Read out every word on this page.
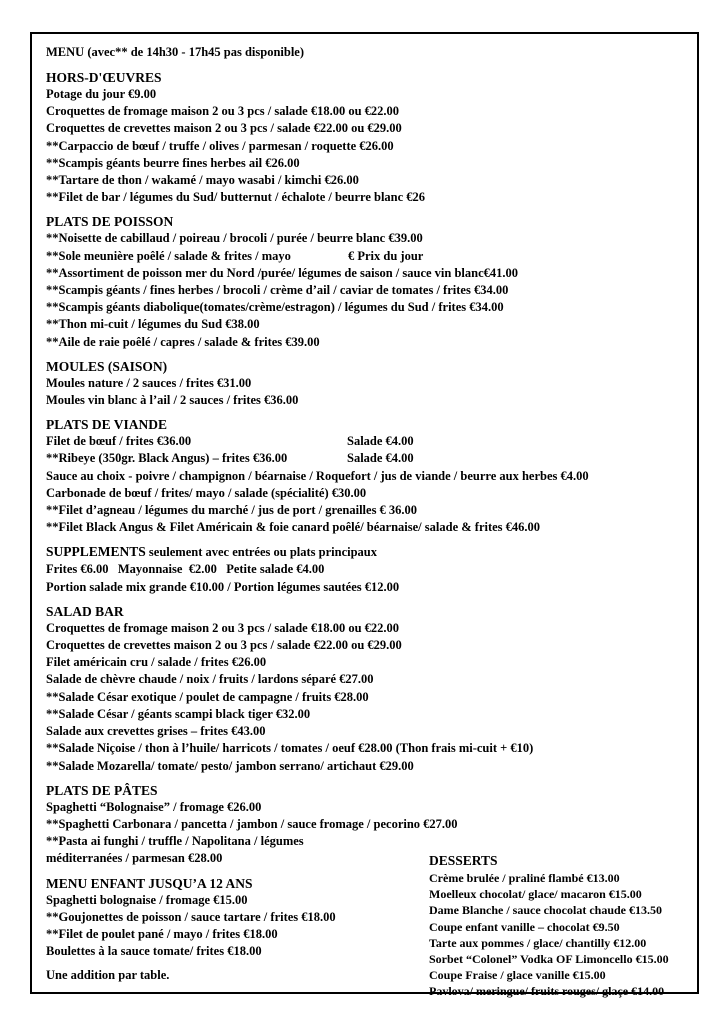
MENU (avec** de 14h30 - 17h45 pas disponible)
HORS-D'ŒUVRES
Potage du jour €9.00
Croquettes de fromage maison 2 ou 3 pcs / salade €18.00 ou €22.00
Croquettes de crevettes maison 2 ou 3 pcs / salade €22.00 ou €29.00
**Carpaccio de bœuf / truffe / olives / parmesan / roquette €26.00
**Scampis géants beurre fines herbes ail €26.00
**Tartare de thon / wakamé / mayo wasabi / kimchi €26.00
**Filet de bar / légumes du Sud/ butternut / échalote / beurre blanc €26
PLATS DE POISSON
**Noisette de cabillaud / poireau / brocoli / purée / beurre blanc €39.00
**Sole meunière poêlé / salade & frites / mayo	€ Prix du jour
**Assortiment de poisson mer du Nord /purée/ légumes de saison / sauce vin blanc€41.00
**Scampis géants / fines herbes / brocoli / crème d’ail / caviar de tomates / frites €34.00
**Scampis géants diabolique(tomates/crème/estragon) / légumes du Sud / frites €34.00
**Thon mi-cuit / légumes du Sud €38.00
**Aile de raie poêlé / capres / salade & frites €39.00
MOULES (SAISON)
Moules nature / 2 sauces / frites €31.00
Moules vin blanc à l’ail / 2 sauces / frites €36.00
PLATS DE VIANDE
Filet de bœuf / frites €36.00	Salade €4.00
**Ribeye (350gr. Black Angus) – frites €36.00	Salade €4.00
Sauce au choix - poivre / champignon / béarnaise / Roquefort / jus de viande / beurre aux herbes €4.00
Carbonade de bœuf / frites/ mayo / salade (spécialité) €30.00
**Filet d’agneau / légumes du marché / jus de port / grenailles € 36.00
**Filet Black Angus & Filet Américain & foie canard poêlé/ béarnaise/ salade & frites €46.00
SUPPLEMENTS seulement avec entrées ou plats principaux
Frites €6.00   Mayonnaise  €2.00   Petite salade €4.00
Portion salade mix grande €10.00 / Portion légumes sautées €12.00
SALAD BAR
Croquettes de fromage maison 2 ou 3 pcs / salade €18.00 ou €22.00
Croquettes de crevettes maison 2 ou 3 pcs / salade €22.00 ou €29.00
Filet américain cru / salade / frites €26.00
Salade de chèvre chaude / noix / fruits / lardons séparé €27.00
**Salade César exotique / poulet de campagne / fruits €28.00
**Salade César / géants scampi black tiger €32.00
Salade aux crevettes grises – frites €43.00
**Salade Niçoise / thon à l’huile/ harricots / tomates / oeuf €28.00 (Thon frais mi-cuit + €10)
**Salade Mozarella/ tomate/ pesto/ jambon serrano/ artichaut €29.00
PLATS DE PÂTES
Spaghetti “Bolognaise” / fromage €26.00
**Spaghetti Carbonara / pancetta / jambon / sauce fromage / pecorino €27.00
**Pasta ai funghi / truffle / Napolitana / légumes
méditerranées / parmesan €28.00
MENU ENFANT JUSQU’A 12 ANS
Spaghetti bolognaise / fromage €15.00
**Goujonettes de poisson / sauce tartare / frites €18.00
**Filet de poulet pané / mayo / frites €18.00
Boulettes à la sauce tomate/ frites €18.00
Une addition par table.
DESSERTS
Crème brulée / praliné flambé €13.00
Moelleux chocolat/ glace/ macaron €15.00
Dame Blanche / sauce chocolat chaude €13.50
Coupe enfant vanille – chocolat €9.50
Tarte aux pommes / glace/ chantilly €12.00
Sorbet “Colonel” Vodka OF Limoncello €15.00
Coupe Fraise / glace vanille €15.00
Pavlova/ meringue/ fruits rouges/ glaçe €14.00
